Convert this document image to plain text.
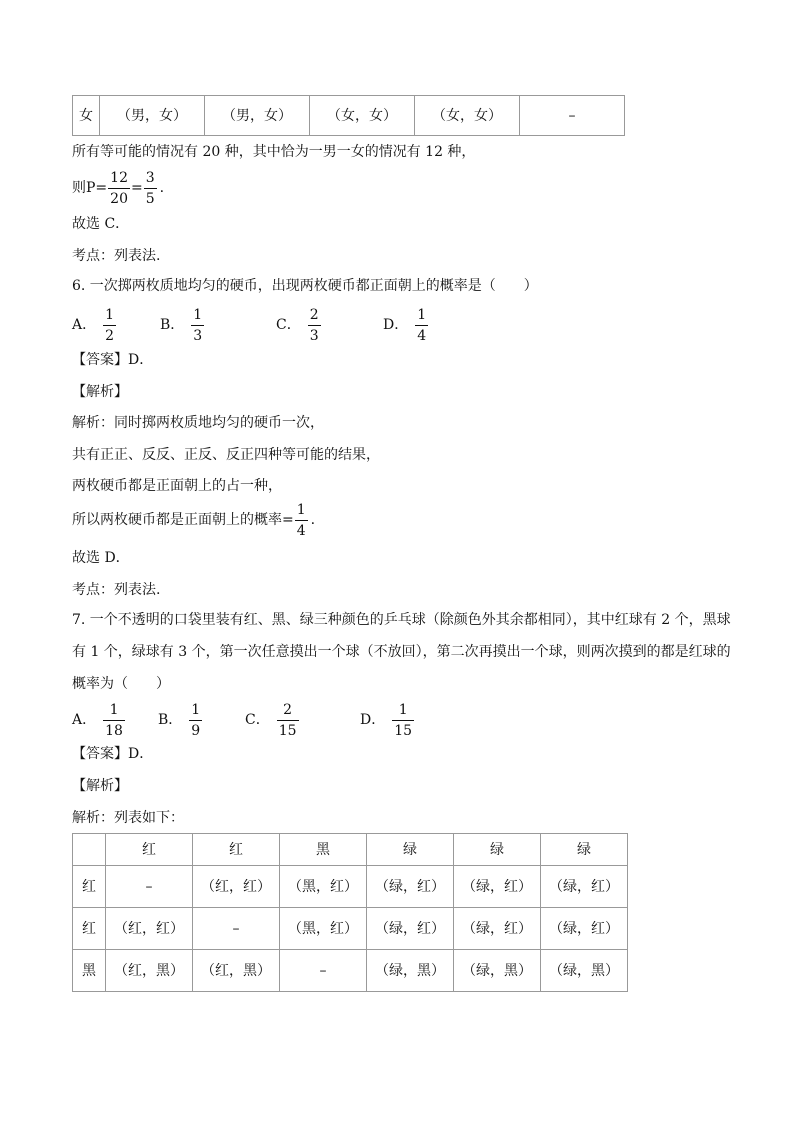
女	（男，女）	（男，女）	（女，女）	（女，女）	–
所有等可能的情况有 20 种，其中恰为一男一女的情况有 12 种，
则$P= \frac{12}{20} = \frac{3}{5}$ .
故选 C．
考点：列表法.
6. 一次掷两枚质地均匀的硬币，出现两枚硬币都正面朝上的概率是（　　）
A． $\frac{1}{2}$	B． $\frac{1}{3}$	C． $\frac{2}{3}$	D． $\frac{1}{4}$
【答案】D．
【解析】
解析：同时掷两枚质地均匀的硬币一次，
共有正正、反反、正反、反正四种等可能的结果，
两枚硬币都是正面朝上的占一种，
所以两枚硬币都是正面朝上的概率= $\frac{1}{4}$ .
故选 D．
考点：列表法.
7. 一个不透明的口袋里装有红、黑、绿三种颜色的乒乓球（除颜色外其余都相同），其中红球有 2 个，黑球
有 1 个，绿球有 3 个，第一次任意摸出一个球（不放回），第二次再摸出一个球，则两次摸到的都是红球的
概率为（　　）
A． $\frac{1}{18}$ B． $\frac{1}{9}$	C． $\frac{2}{15}$	D． $\frac{1}{15}$
【答案】D．
【解析】
解析：列表如下：
	红	红	黑	绿	绿	绿
红	–	（红，红）	（黑，红）	（绿，红）	（绿，红）	（绿，红）
红	（红，红）	–	（黑，红）	（绿，红）	（绿，红）	（绿，红）
黑	（红，黑）	（红，黑）	–	（绿，黑）	（绿，黑）	（绿，黑）
